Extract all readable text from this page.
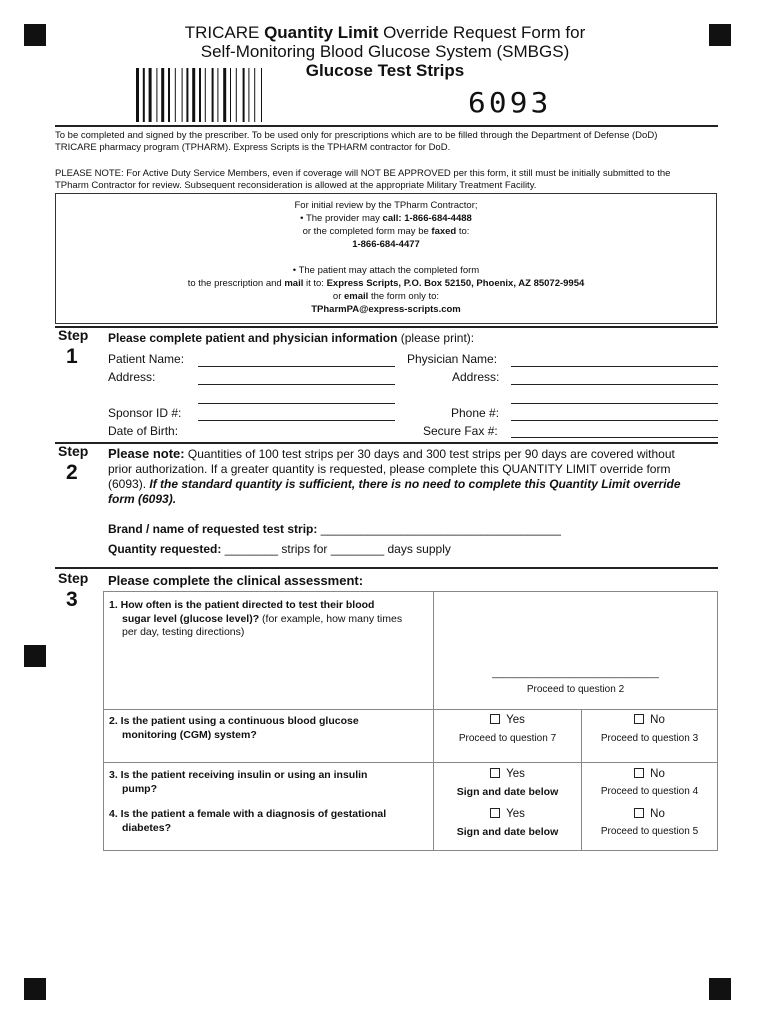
TRICARE Quantity Limit Override Request Form for
Self-Monitoring Blood Glucose System (SMBGS)
Glucose Test Strips
6093
To be completed and signed by the prescriber. To be used only for prescriptions which are to be filled through the Department of Defense (DoD)
TRICARE pharmacy program (TPHARM). Express Scripts is the TPHARM contractor for DoD.
PLEASE NOTE: For Active Duty Service Members, even if coverage will NOT BE APPROVED per this form, it still must be initially submitted to the
TPharm Contractor for review. Subsequent reconsideration is allowed at the appropriate Military Treatment Facility.
For initial review by the TPharm Contractor;
• The provider may call: 1-866-684-4488
or the completed form may be faxed to:
1-866-684-4477
• The patient may attach the completed form
to the prescription and mail it to: Express Scripts, P.O. Box 52150, Phoenix, AZ 85072-9954
or email the form only to:
TPharmPA@express-scripts.com
Step
1
Please complete patient and physician information (please print):
Patient Name:
Address:
Sponsor ID #:
Date of Birth:
Physician Name:
Address:
Phone #:
Secure Fax #:
Step
2
Please note: Quantities of 100 test strips per 30 days and 300 test strips per 90 days are covered without
prior authorization. If a greater quantity is requested, please complete this QUANTITY LIMIT override form
(6093). If the standard quantity is sufficient, there is no need to complete this Quantity Limit override
form (6093).
Brand / name of requested test strip: ____________________________________
Quantity requested: ________ strips for ________ days supply
Step
3
Please complete the clinical assessment:
1. How often is the patient directed to test their blood
sugar level (glucose level)? (for example, how many times
per day, testing directions)
______________________________
Proceed to question 2
2. Is the patient using a continuous blood glucose
monitoring (CGM) system?
Yes
Proceed to question 7
No
Proceed to question 3
3. Is the patient receiving insulin or using an insulin
pump?
Yes
Sign and date below
No
Proceed to question 4
4. Is the patient a female with a diagnosis of gestational
diabetes?
Yes
Sign and date below
No
Proceed to question 5
